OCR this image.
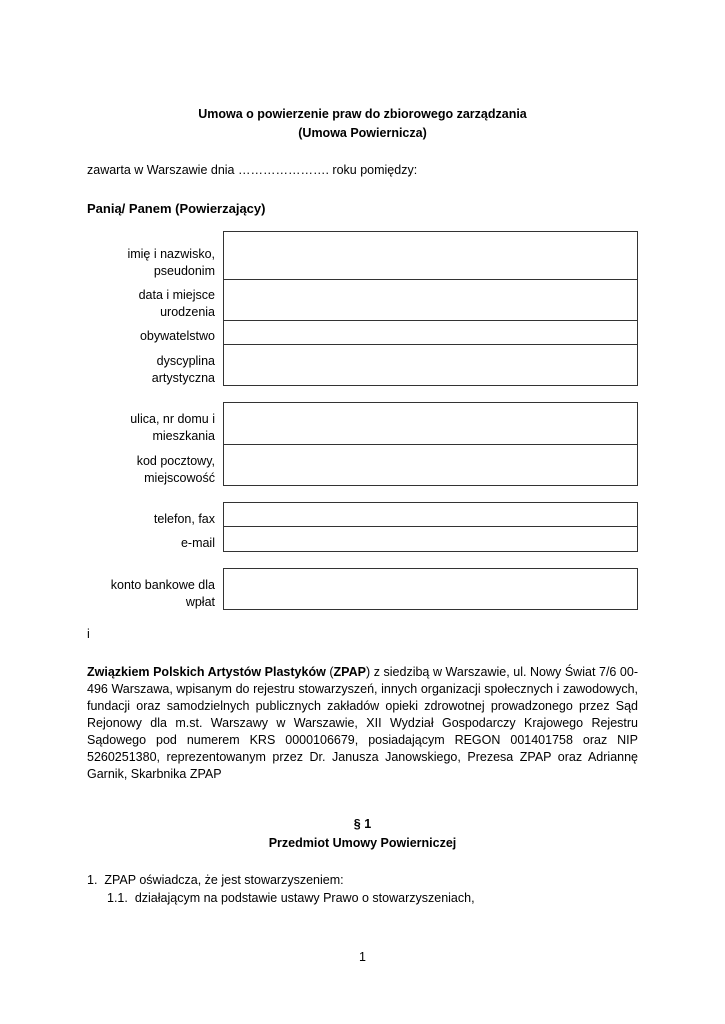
Umowa o powierzenie praw do zbiorowego zarządzania
(Umowa Powiernicza)
zawarta w Warszawie dnia …………………. roku pomiędzy:
Panią/ Panem (Powierzający)
imię i nazwisko, pseudonim
data i miejsce urodzenia
obywatelstwo
dyscyplina artystyczna
ulica, nr domu i mieszkania
kod pocztowy, miejscowość
telefon, fax
e-mail
konto bankowe dla wpłat
i
Związkiem Polskich Artystów Plastyków (ZPAP) z siedzibą w Warszawie, ul. Nowy Świat 7/6 00-496 Warszawa, wpisanym do rejestru stowarzyszeń, innych organizacji społecznych i zawodowych, fundacji oraz samodzielnych publicznych zakładów opieki zdrowotnej prowadzonego przez Sąd Rejonowy dla m.st. Warszawy w Warszawie, XII Wydział Gospodarczy Krajowego Rejestru Sądowego pod numerem KRS 0000106679, posiadającym REGON 001401758 oraz NIP 5260251380, reprezentowanym przez Dr. Janusza Janowskiego, Prezesa ZPAP oraz Adriannę Garnik, Skarbnika ZPAP
§ 1
Przedmiot Umowy Powierniczej
1. ZPAP oświadcza, że jest stowarzyszeniem:
1.1. działającym na podstawie ustawy Prawo o stowarzyszeniach,
1
